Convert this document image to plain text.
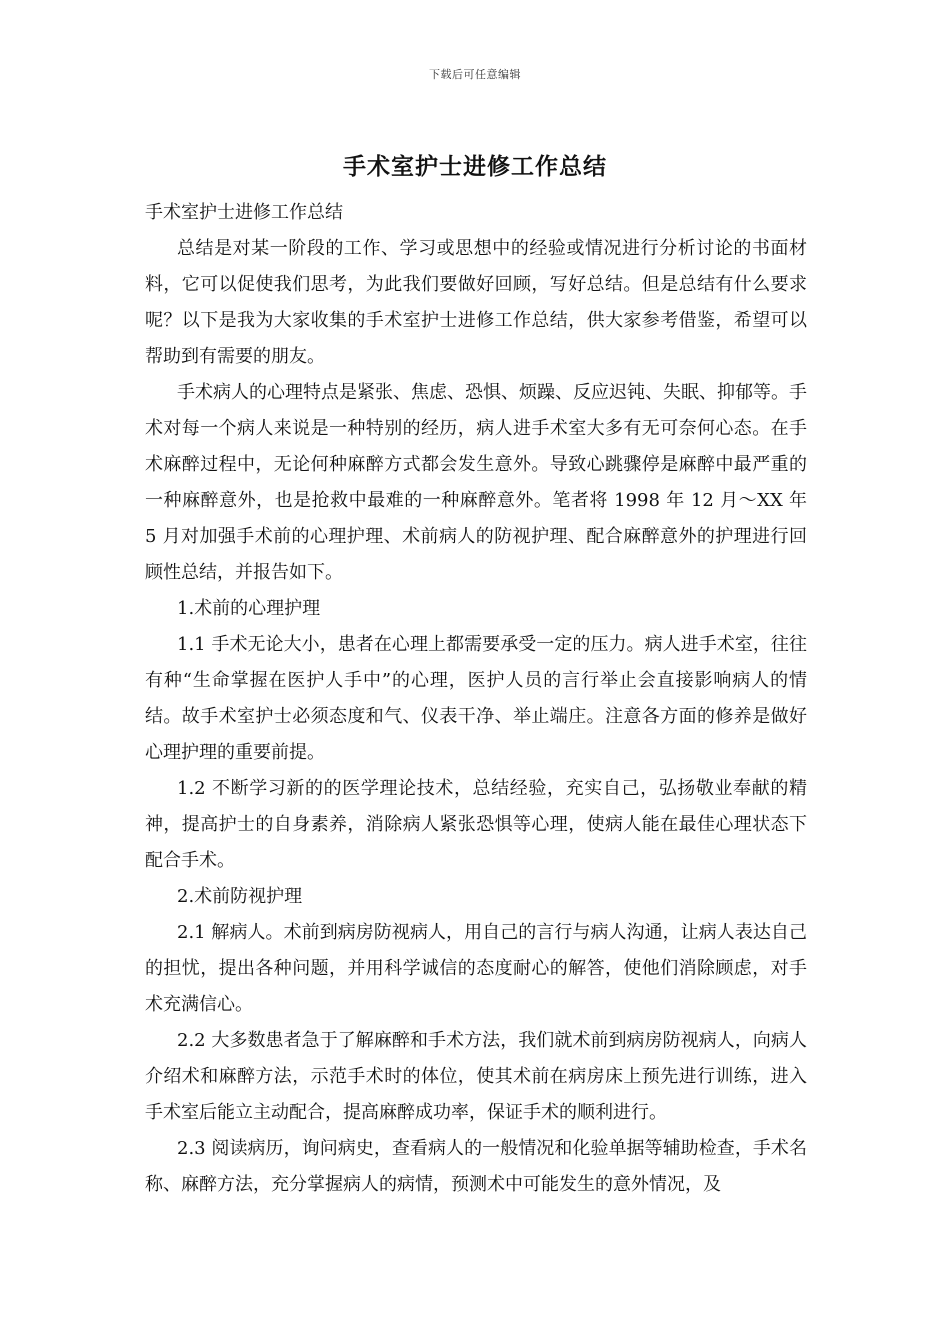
下载后可任意编辑
手术室护士进修工作总结

手术室护士进修工作总结

总结是对某一阶段的工作、学习或思想中的经验或情况进行分析讨论的书面材料，它可以促使我们思考，为此我们要做好回顾，写好总结。但是总结有什么要求呢？以下是我为大家收集的手术室护士进修工作总结，供大家参考借鉴，希望可以帮助到有需要的朋友。

手术病人的心理特点是紧张、焦虑、恐惧、烦躁、反应迟钝、失眠、抑郁等。手术对每一个病人来说是一种特别的经历，病人进手术室大多有无可奈何心态。在手术麻醉过程中，无论何种麻醉方式都会发生意外。导致心跳骤停是麻醉中最严重的一种麻醉意外，也是抢救中最难的一种麻醉意外。笔者将 1998 年 12 月～XX 年 5 月对加强手术前的心理护理、术前病人的防视护理、配合麻醉意外的护理进行回顾性总结，并报告如下。

1.术前的心理护理

1.1 手术无论大小，患者在心理上都需要承受一定的压力。病人进手术室，往往有种“生命掌握在医护人手中”的心理，医护人员的言行举止会直接影响病人的情结。故手术室护士必须态度和气、仪表干净、举止端庄。注意各方面的修养是做好心理护理的重要前提。

1.2 不断学习新的的医学理论技术，总结经验，充实自己，弘扬敬业奉献的精神，提高护士的自身素养，消除病人紧张恐惧等心理，使病人能在最佳心理状态下配合手术。

2.术前防视护理

2.1 解病人。术前到病房防视病人，用自己的言行与病人沟通，让病人表达自己的担忧，提出各种问题，并用科学诚信的态度耐心的解答，使他们消除顾虑，对手术充满信心。

2.2 大多数患者急于了解麻醉和手术方法，我们就术前到病房防视病人，向病人介绍术和麻醉方法，示范手术时的体位，使其术前在病房床上预先进行训练，进入手术室后能立主动配合，提高麻醉成功率，保证手术的顺利进行。

2.3 阅读病历，询问病史，查看病人的一般情况和化验单据等辅助检查，手术名称、麻醉方法，充分掌握病人的病情，预测术中可能发生的意外情况，及
